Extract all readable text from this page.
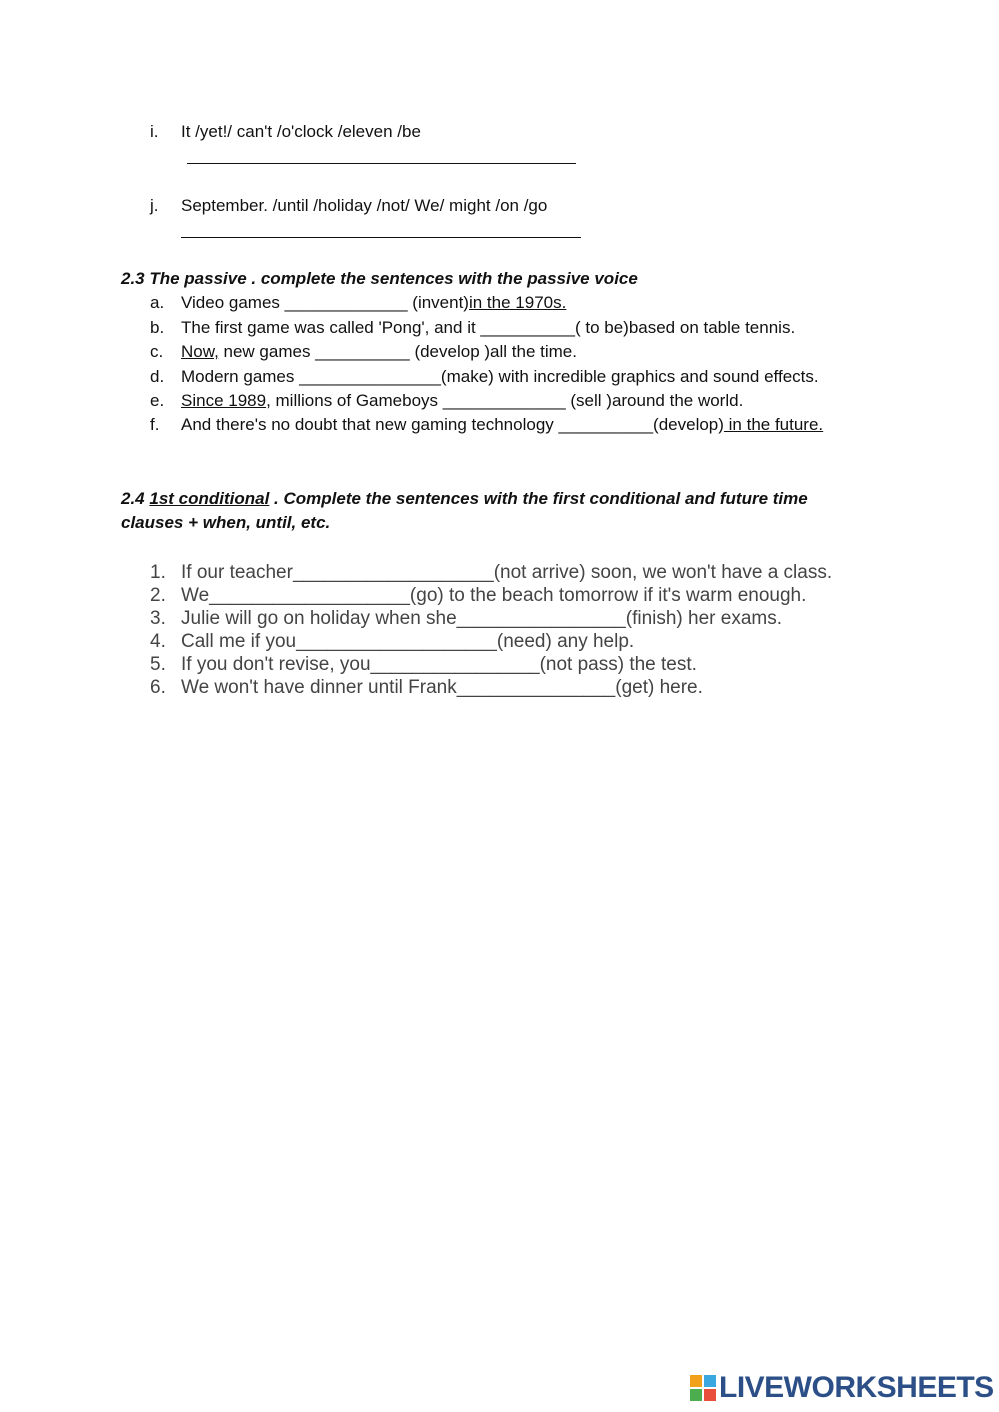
i. It /yet!/ can't /o'clock /eleven /be
j. September. /until /holiday /not/ We/ might /on /go
2.3 The passive . complete the sentences with the passive voice
a. Video games _____________ (invent)in the 1970s.
b. The first game was called 'Pong', and it __________( to be)based on table tennis.
c. Now, new games __________ (develop )all the time.
d. Modern games _______________(make) with incredible graphics and sound effects.
e. Since 1989, millions of Gameboys _____________ (sell )around the world.
f. And there's no doubt that new gaming technology __________(develop) in the future.
2.4 1st conditional . Complete the sentences with the first conditional and future time
clauses + when, until, etc.
1. If our teacher___________________(not arrive) soon, we won't have a class.
2. We___________________(go) to the beach tomorrow if it's warm enough.
3. Julie will go on holiday when she________________(finish) her exams.
4. Call me if you___________________(need) any help.
5. If you don't revise, you________________(not pass) the test.
6. We won't have dinner until Frank_______________(get) here.
LIVEWORKSHEETS
